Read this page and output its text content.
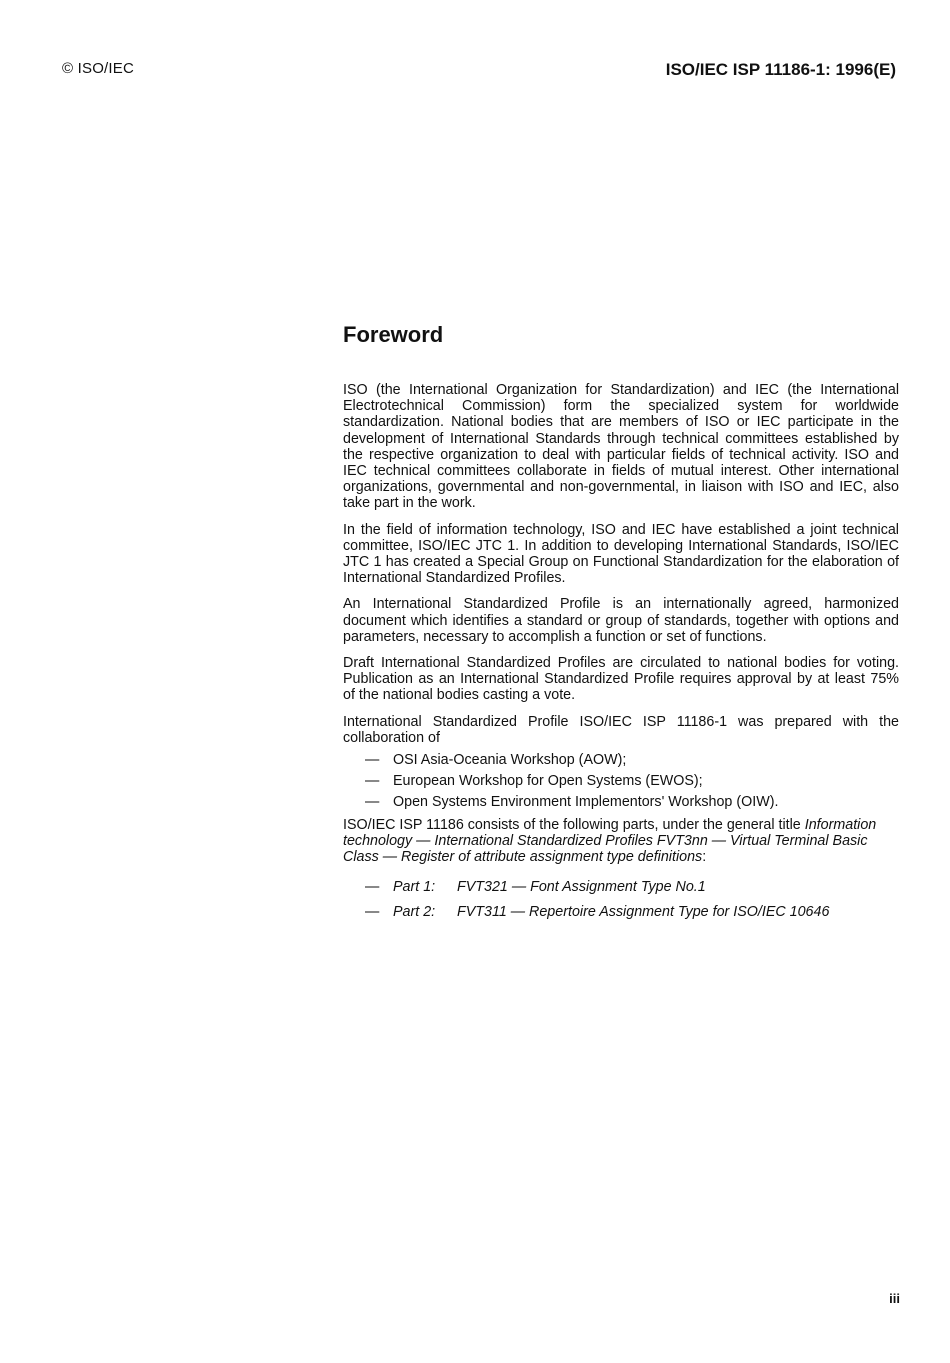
© ISO/IEC	ISO/IEC ISP 11186-1: 1996(E)
Foreword

ISO (the International Organization for Standardization) and IEC (the International Electrotechnical Commission) form the specialized system for worldwide standardization. National bodies that are members of ISO or IEC participate in the development of International Standards through technical committees established by the respective organization to deal with particular fields of technical activity. ISO and IEC technical committees collaborate in fields of mutual interest. Other international organizations, governmental and non-governmental, in liaison with ISO and IEC, also take part in the work.

In the field of information technology, ISO and IEC have established a joint technical committee, ISO/IEC JTC 1. In addition to developing International Standards, ISO/IEC JTC 1 has created a Special Group on Functional Standardization for the elaboration of International Standardized Profiles.

An International Standardized Profile is an internationally agreed, harmonized document which identifies a standard or group of standards, together with options and parameters, necessary to accomplish a function or set of functions.

Draft International Standardized Profiles are circulated to national bodies for voting. Publication as an International Standardized Profile requires approval by at least 75% of the national bodies casting a vote.

International Standardized Profile ISO/IEC ISP 11186-1 was prepared with the collaboration of

— OSI Asia-Oceania Workshop (AOW);
— European Workshop for Open Systems (EWOS);
— Open Systems Environment Implementors' Workshop (OIW).

ISO/IEC ISP 11186 consists of the following parts, under the general title Information technology — International Standardized Profiles FVT3nn — Virtual Terminal Basic Class — Register of attribute assignment type definitions:

— Part 1: FVT321 — Font Assignment Type No.1
— Part 2: FVT311 — Repertoire Assignment Type for ISO/IEC 10646
iii
